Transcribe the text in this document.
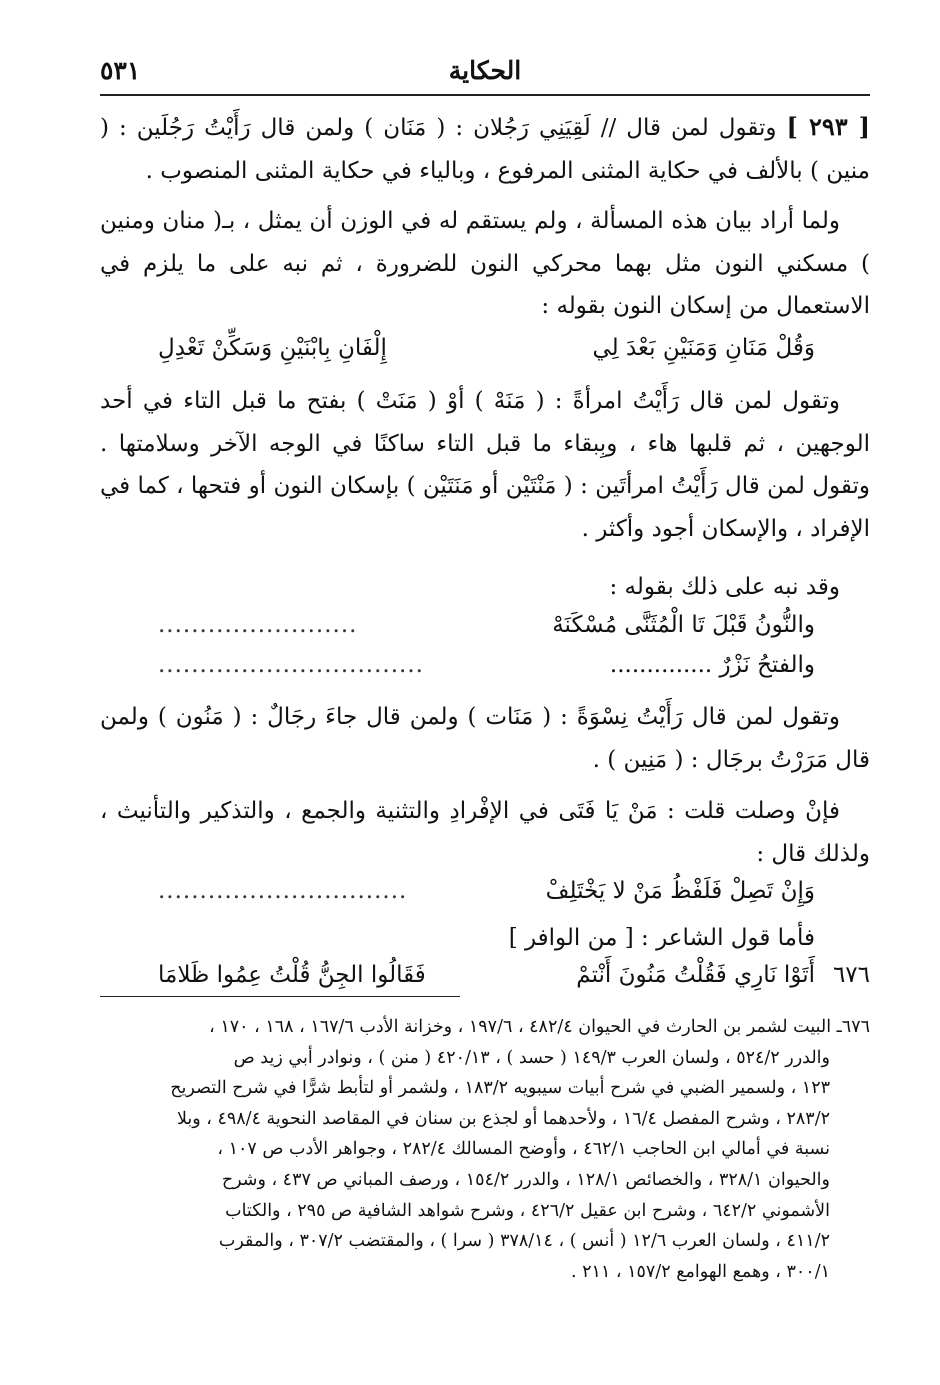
الحكاية
٥٣١

[ ٢٩٣ ] وتقول لمن قال // لَقِيَنِي رَجُلان : ( مَنَان ) ولمن قال رَأَيْتُ رَجُلَين : ( منين ) بالألف في حكاية المثنى المرفوع ، وبالياء في حكاية المثنى المنصوب .

ولما أراد بيان هذه المسألة ، ولم يستقم له في الوزن أن يمثل ، بـ( منان ومنين ) مسكني النون مثل بهما محركي النون للضرورة ، ثم نبه على ما يلزم في الاستعمال من إسكان النون بقوله :

وَقُلْ مَنَانِ وَمَنَيْنِ بَعْدَ لِي
إِلْفَانِ بِابْنَيْنِ وَسَكِّنْ تَعْدِلِ

وتقول لمن قال رَأَيْتُ امرأةً : ( مَنَهْ ) أوْ ( مَنَتْ ) بفتح ما قبل التاء في أحد الوجهين ، ثم قلبها هاء ، وبِبقاء ما قبل التاء ساكنًا في الوجه الآخر وسلامتها . وتقول لمن قال رَأَيْتُ امرأتَين : ( مَنْتَيْن أو مَنَتَيْن ) بإسكان النون أو فتحها ، كما في الإفراد ، والإسكان أجود وأكثر .

وقد نبه على ذلك بقوله :

والنُّونُ قَبْلَ تَا الْمُثَنَّى مُسْكَنَهْ
........................
والفتحُ نَزْرٌ ..............
................................

وتقول لمن قال رَأَيْتُ نِسْوَةً : ( مَنَات ) ولمن قال جاءَ رجَالٌ : ( مَنُون ) ولمن قال مَرَرْتُ برجَال : ( مَنِين ) .

فإنْ وصلت قلت : مَنْ يَا فَتَى في الإفْرادِ والتثنية والجمع ، والتذكير والتأنيث ، ولذلك قال :

وَإِنْ تَصِلْ فَلَفْظُ مَنْ لا يَخْتَلِفْ
..............................
فأما قول الشاعر : [ من الوافر ]
٦٧٦
أَتَوْا نَارِي فَقُلْتُ مَنُونَ أَنْتمْ
فَقَالُوا الجِنُّ قُلْتُ عِمُوا ظَلامَا

٦٧٦ـ البيت لشمر بن الحارث في الحيوان ٤٨٢/٤ ، ١٩٧/٦ ، وخزانة الأدب ١٦٧/٦ ، ١٦٨ ، ١٧٠ ،

والدرر ٥٢٤/٢ ، ولسان العرب ١٤٩/٣ ( حسد ) ، ٤٢٠/١٣ ( منن ) ، ونوادر أبي زيد ص

١٢٣ ، ولسمير الضبي في شرح أبيات سيبويه ١٨٣/٢ ، ولشمر أو لتأبط شرًّا في شرح التصريح

٢٨٣/٢ ، وشرح المفصل ١٦/٤ ، ولأحدهما أو لجذع بن سنان في المقاصد النحوية ٤٩٨/٤ ، وبلا

نسبة في أمالي ابن الحاجب ٤٦٢/١ ، وأوضح المسالك ٢٨٢/٤ ، وجواهر الأدب ص ١٠٧ ،

والحيوان ٣٢٨/١ ، والخصائص ١٢٨/١ ، والدرر ١٥٤/٢ ، ورصف المباني ص ٤٣٧ ، وشرح

الأشموني ٦٤٢/٢ ، وشرح ابن عقيل ٤٢٦/٢ ، وشرح شواهد الشافية ص ٢٩٥ ، والكتاب

٤١١/٢ ، ولسان العرب ١٢/٦ ( أنس ) ، ٣٧٨/١٤ ( سرا ) ، والمقتضب ٣٠٧/٢ ، والمقرب

٣٠٠/١ ، وهمع الهوامع ١٥٧/٢ ، ٢١١ .
